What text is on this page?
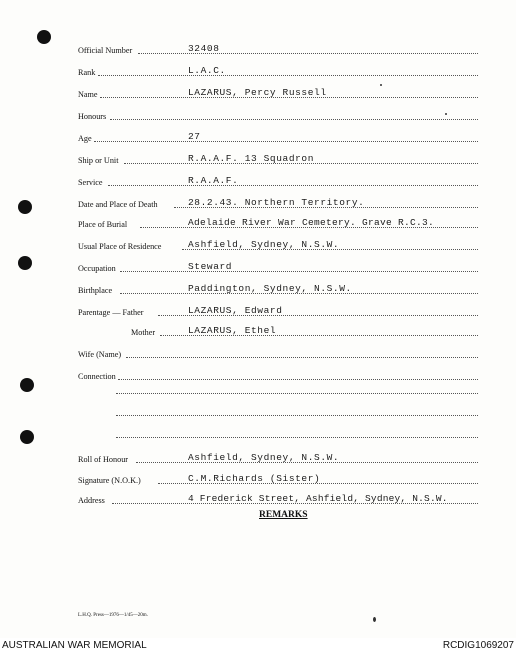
Official Number	32408
Rank	L.A.C.
Name	LAZARUS, Percy Russell
Honours
Age	27
Ship or Unit	R.A.A.F. 13 Squadron
Service	R.A.A.F.
Date and Place of Death	28.2.43. Northern Territory.
Place of Burial	Adelaide River War Cemetery. Grave R.C.3.
Usual Place of Residence	Ashfield, Sydney, N.S.W.
Occupation	Steward
Birthplace	Paddington, Sydney, N.S.W.
Parentage — Father	LAZARUS, Edward
Mother	LAZARUS, Ethel
Wife (Name)
Connection
Roll of Honour	Ashfield, Sydney, N.S.W.
Signature (N.O.K.)	C.M.Richards (Sister)
Address	4 Frederick Street, Ashfield, Sydney, N.S.W.
REMARKS
L.H.Q. Press—1976—1/45—20m.
AUSTRALIAN WAR MEMORIAL	RCDIG1069207
